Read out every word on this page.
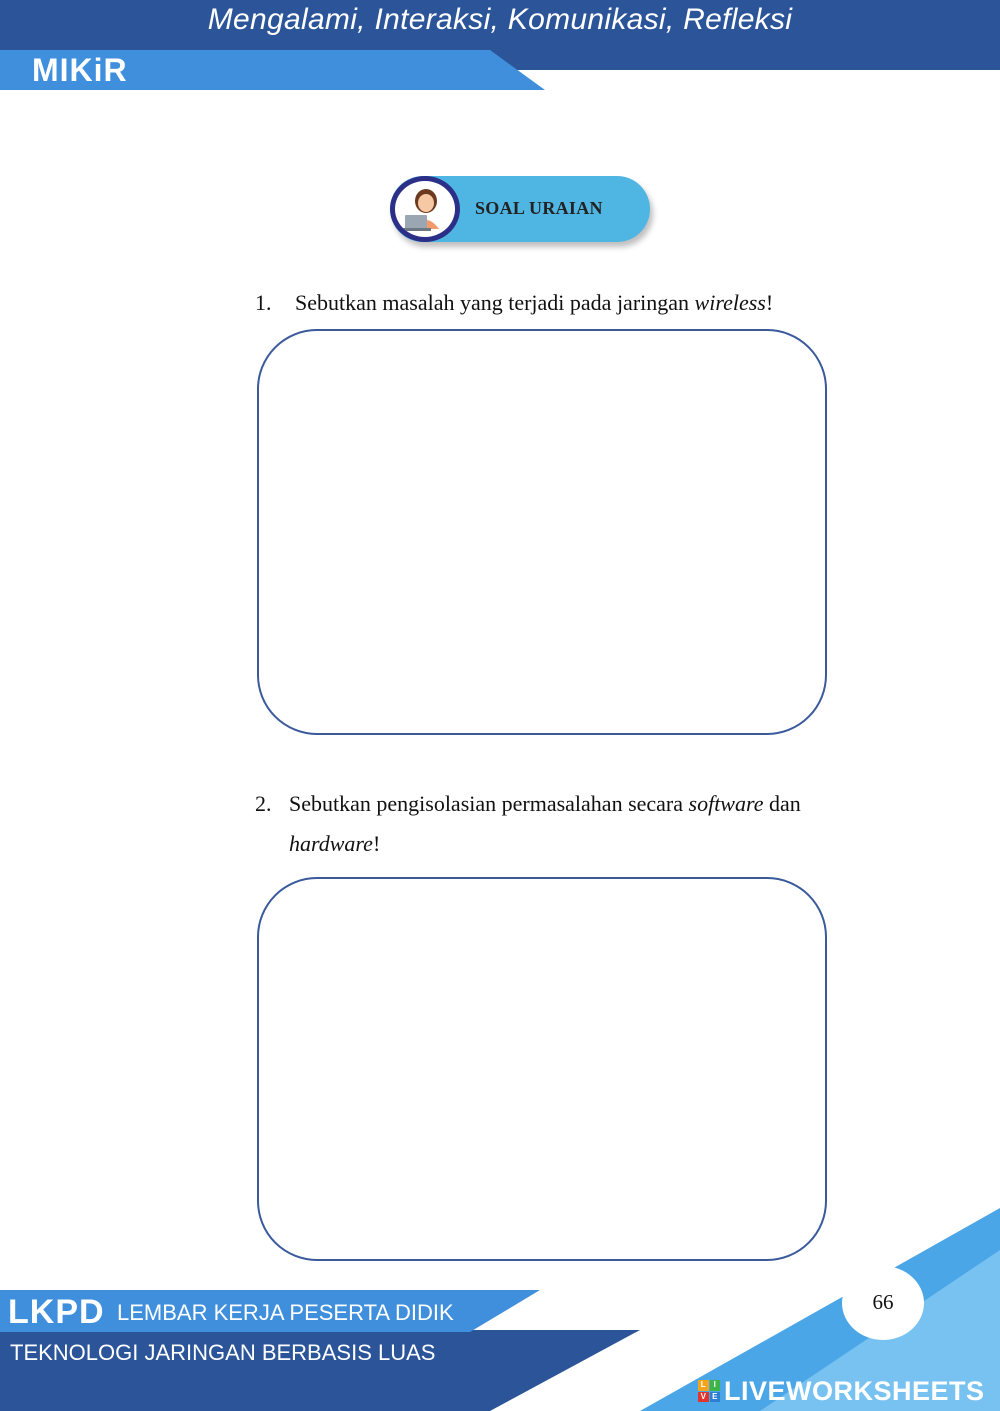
Mengalami, Interaksi, Komunikasi, Refleksi
MIKiR
SOAL URAIAN
1. Sebutkan masalah yang terjadi pada jaringan wireless!
2. Sebutkan pengisolasian permasalahan secara software dan
hardware!
LKPD LEMBAR KERJA PESERTA DIDIK
TEKNOLOGI JARINGAN BERBASIS LUAS
66
L I
V E LIVEWORKSHEETS
